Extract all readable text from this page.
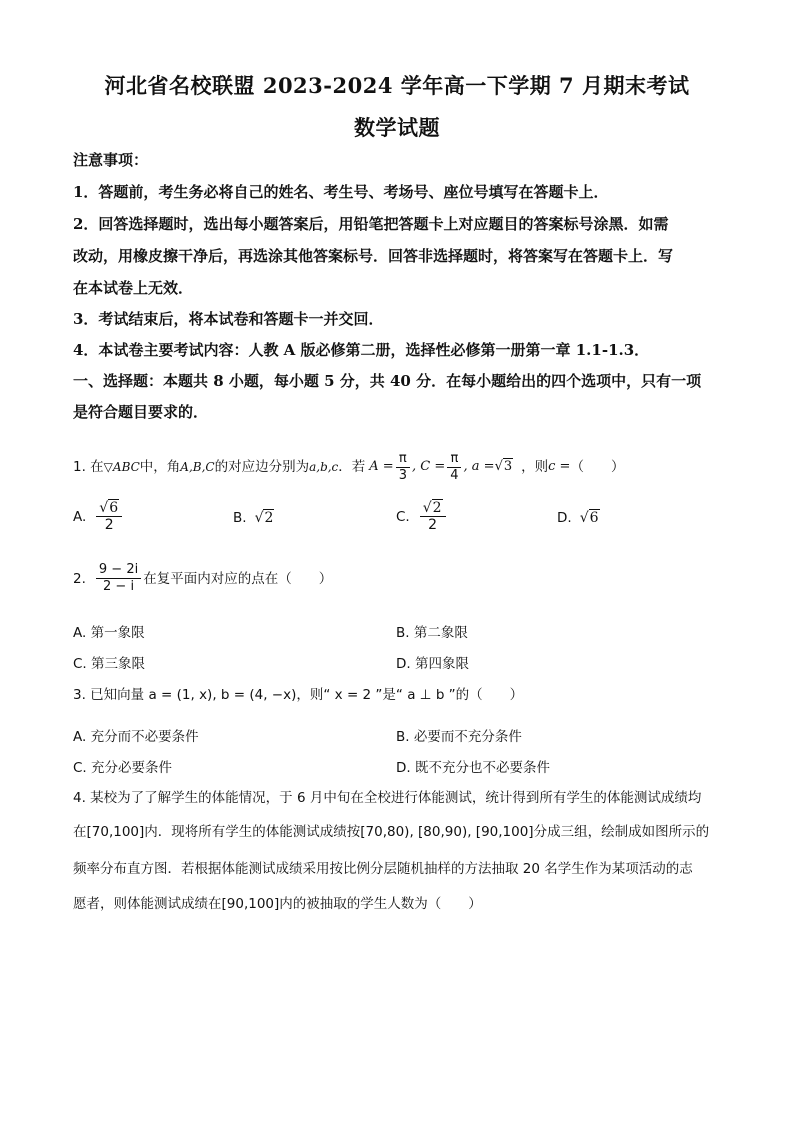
河北省名校联盟 2023-2024 学年高一下学期 7 月期末考试
数学试题
注意事项：
1．答题前，考生务必将自己的姓名、考生号、考场号、座位号填写在答题卡上．
2．回答选择题时，选出每小题答案后，用铅笔把答题卡上对应题目的答案标号涂黑．如需
改动，用橡皮擦干净后，再选涂其他答案标号．回答非选择题时，将答案写在答题卡上．写
在本试卷上无效．
3．考试结束后，将本试卷和答题卡一并交回．
4．本试卷主要考试内容：人教 A 版必修第二册，选择性必修第一册第一章 1.1-1.3．
一、选择题：本题共 8 小题，每小题 5 分，共 40 分．在每小题给出的四个选项中，只有一项
是符合题目要求的．
1. 在 ▽ABC 中，角 A,B,C 的对应边分别为 a,b,c ．若 $A = \frac{\pi}{3}$ , $C = \frac{\pi}{4}$ , a = √3 ，则 c = （　　）
A. $\frac{√6}{2}$	B. √2	C. $\frac{√2}{2}$	D. √6
2. $\frac{9 - 2i}{2 - i}$ 在复平面内对应的点在（　　）
A. 第一象限	B. 第二象限
C. 第三象限	D. 第四象限
3. 已知向量 a = (1, x), b = (4, −x)，则“ x = 2 ”是“ a ⊥ b ”的（　　）
A. 充分而不必要条件	B. 必要而不充分条件
C. 充分必要条件	D. 既不充分也不必要条件
4. 某校为了了解学生的体能情况，于 6 月中旬在全校进行体能测试，统计得到所有学生的体能测试成绩均
在[70,100]内．现将所有学生的体能测试成绩按[70,80), [80,90), [90,100]分成三组，绘制成如图所示的
频率分布直方图．若根据体能测试成绩采用按比例分层随机抽样的方法抽取 20 名学生作为某项活动的志
愿者，则体能测试成绩在[90,100]内的被抽取的学生人数为（　　）
